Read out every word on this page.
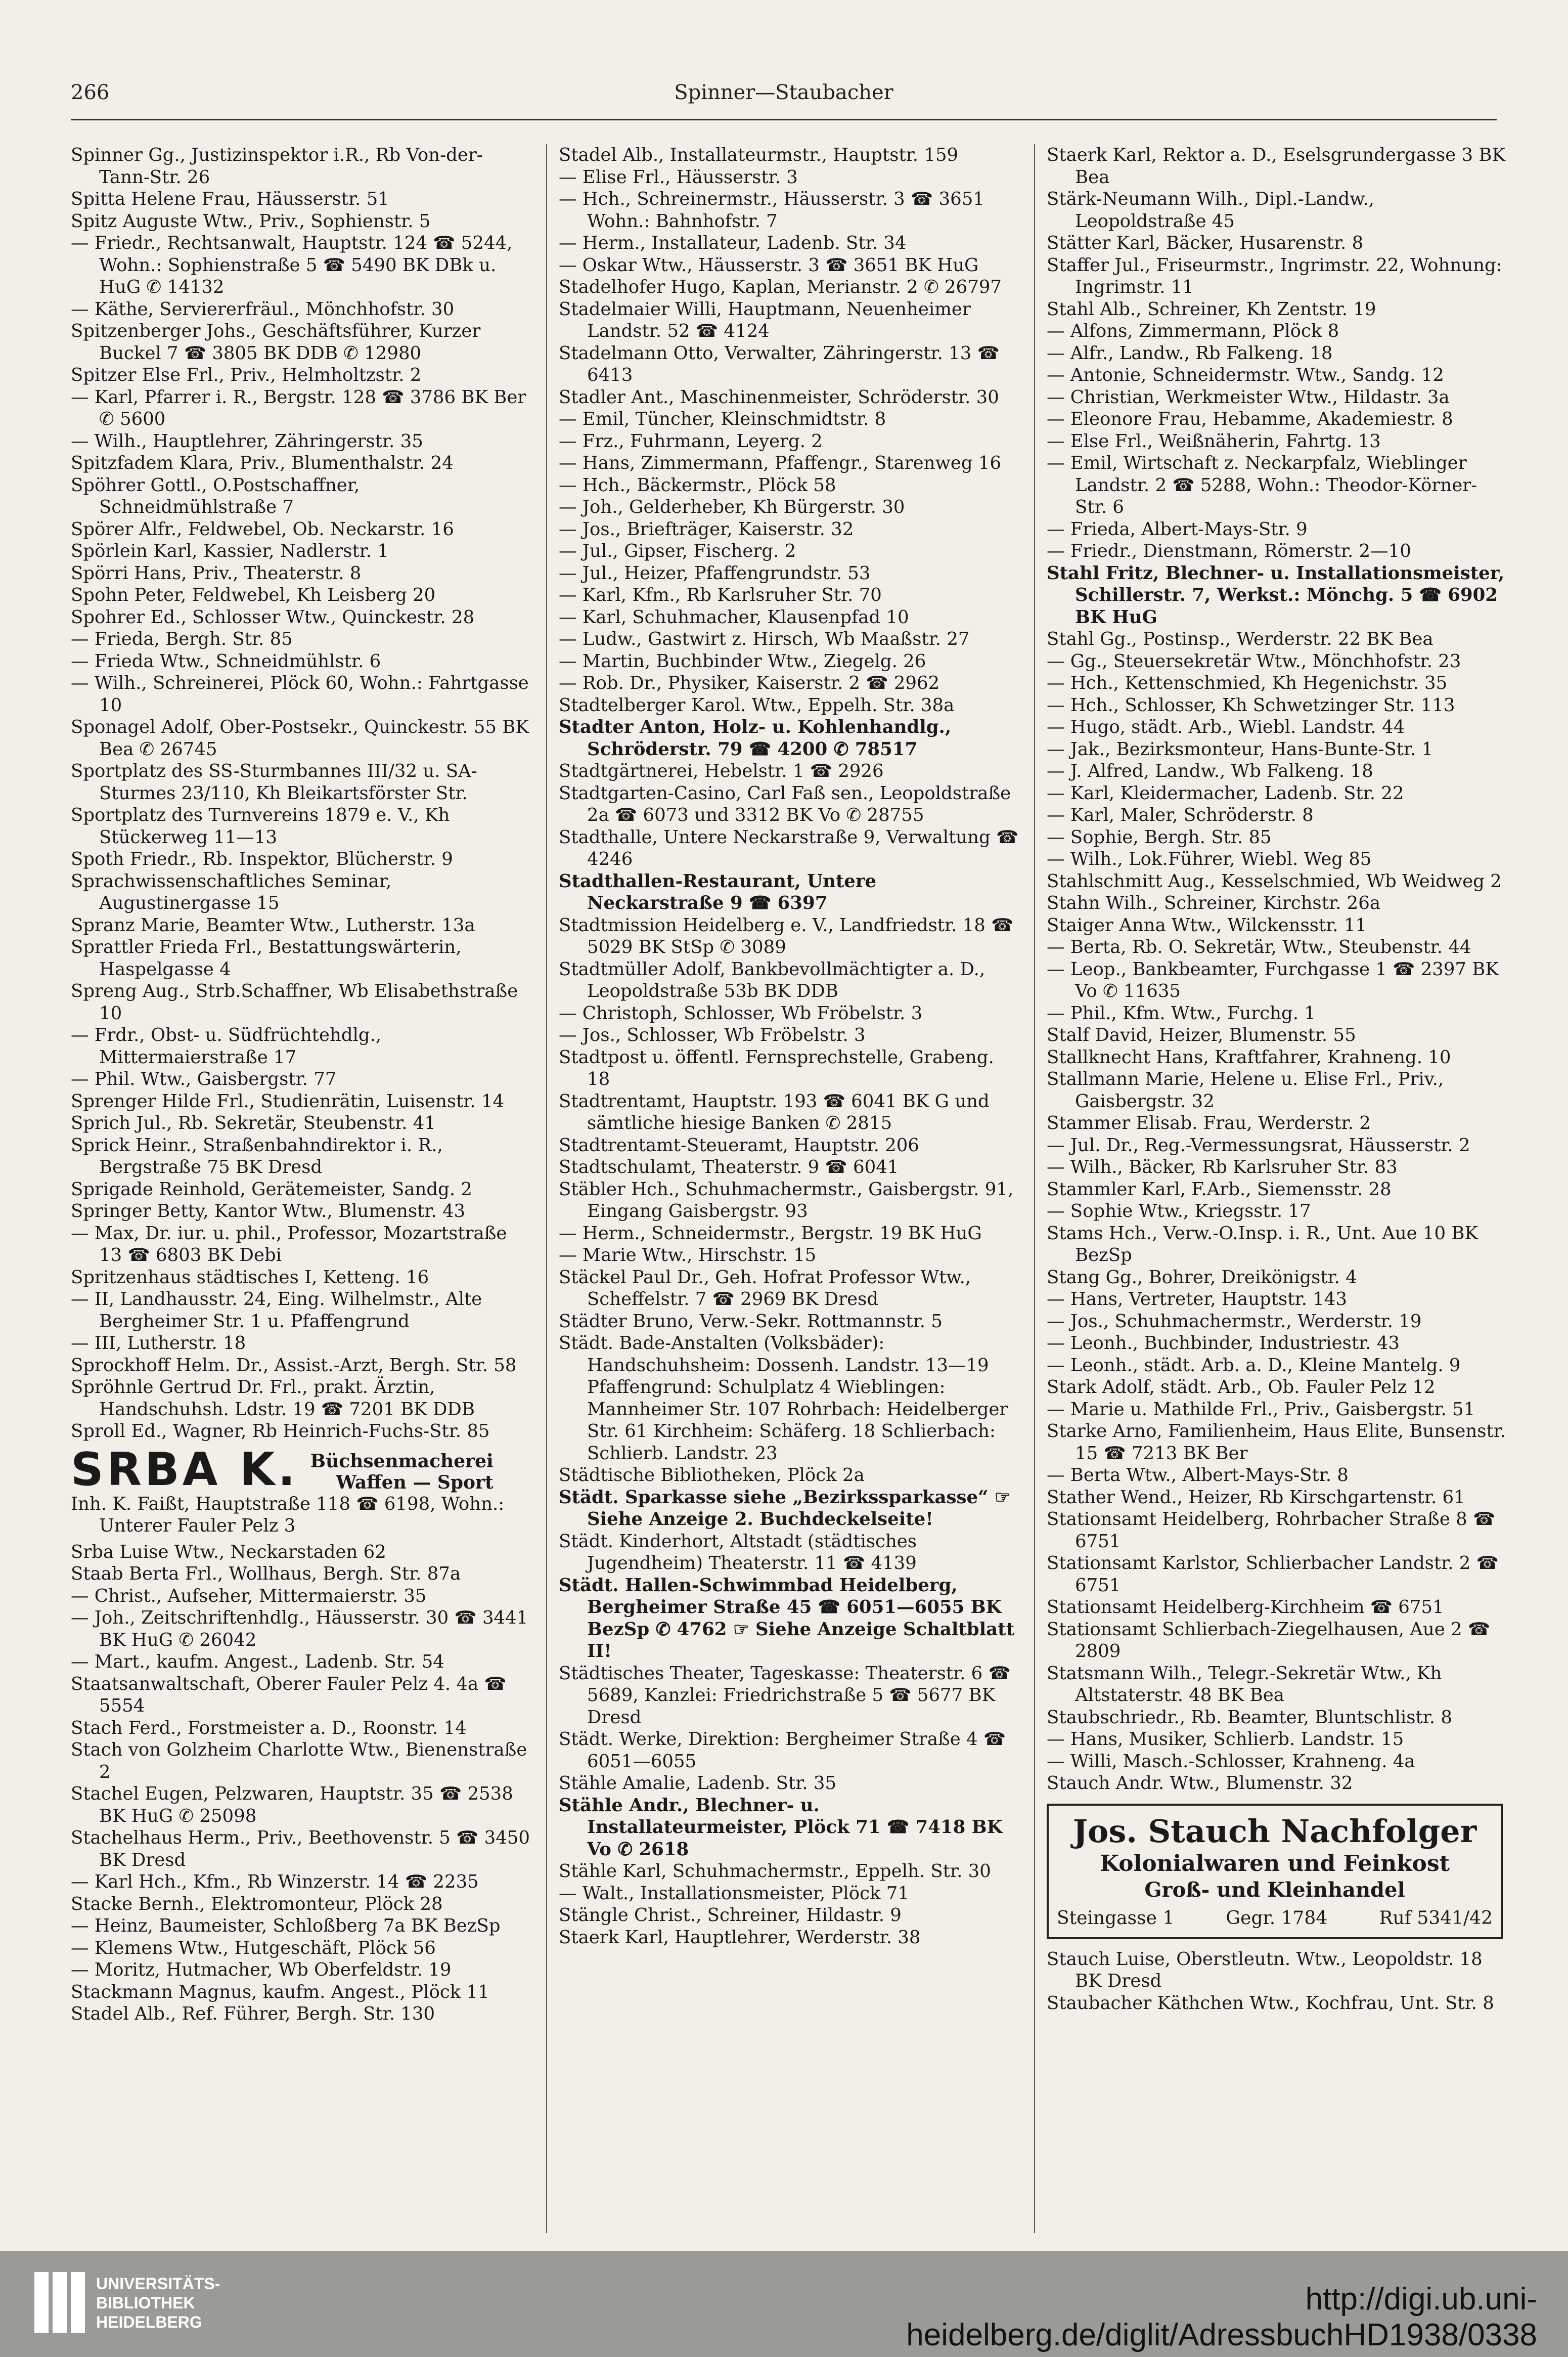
266	Spinner—Staubacher

Spinner Gg., Justizinspektor i.R., Rb Von-der-Tann-Str. 26

Spitta Helene Frau, Häusserstr. 51

Spitz Auguste Wtw., Priv., Sophienstr. 5

— Friedr., Rechtsanwalt, Hauptstr. 124 ☎ 5244, Wohn.: Sophienstraße 5 ☎ 5490 BK DBk u. HuG ✆ 14132

— Käthe, Serviererfräul., Mönchhofstr. 30

Spitzenberger Johs., Geschäftsführer, Kurzer Buckel 7 ☎ 3805 BK DDB ✆ 12980

Spitzer Else Frl., Priv., Helmholtzstr. 2

— Karl, Pfarrer i. R., Bergstr. 128 ☎ 3786 BK Ber ✆ 5600

— Wilh., Hauptlehrer, Zähringerstr. 35

Spitzfadem Klara, Priv., Blumenthalstr. 24

Spöhrer Gottl., O.Postschaffner, Schneidmühlstraße 7

Spörer Alfr., Feldwebel, Ob. Neckarstr. 16

Spörlein Karl, Kassier, Nadlerstr. 1

Spörri Hans, Priv., Theaterstr. 8

Spohn Peter, Feldwebel, Kh Leisberg 20

Spohrer Ed., Schlosser Wtw., Quinckestr. 28

— Frieda, Bergh. Str. 85

— Frieda Wtw., Schneidmühlstr. 6

— Wilh., Schreinerei, Plöck 60, Wohn.: Fahrtgasse 10

Sponagel Adolf, Ober-Postsekr., Quinckestr. 55 BK Bea ✆ 26745

Sportplatz des SS-Sturmbannes III/32 u. SA-Sturmes 23/110, Kh Bleikartsförster Str.

Sportplatz des Turnvereins 1879 e. V., Kh Stückerweg 11—13

Spoth Friedr., Rb. Inspektor, Blücherstr. 9

Sprachwissenschaftliches Seminar, Augustinergasse 15

Spranz Marie, Beamter Wtw., Lutherstr. 13a

Sprattler Frieda Frl., Bestattungswärterin, Haspelgasse 4

Spreng Aug., Strb.Schaffner, Wb Elisabethstraße 10

— Frdr., Obst- u. Südfrüchtehdlg., Mittermaierstraße 17

— Phil. Wtw., Gaisbergstr. 77

Sprenger Hilde Frl., Studienrätin, Luisenstr. 14

Sprich Jul., Rb. Sekretär, Steubenstr. 41

Sprick Heinr., Straßenbahndirektor i. R., Bergstraße 75 BK Dresd

Sprigade Reinhold, Gerätemeister, Sandg. 2

Springer Betty, Kantor Wtw., Blumenstr. 43

— Max, Dr. iur. u. phil., Professor, Mozartstraße 13 ☎ 6803 BK Debi

Spritzenhaus städtisches I, Ketteng. 16

— II, Landhausstr. 24, Eing. Wilhelmstr., Alte Bergheimer Str. 1 u. Pfaffengrund

— III, Lutherstr. 18

Sprockhoff Helm. Dr., Assist.-Arzt, Bergh. Str. 58

Spröhnle Gertrud Dr. Frl., prakt. Ärztin, Handschuhsh. Ldstr. 19 ☎ 7201 BK DDB

Sproll Ed., Wagner, Rb Heinrich-Fuchs-Str. 85

SRBA K. Büchsenmacherei
Waffen — Sport

Inh. K. Faißt, Hauptstraße 118 ☎ 6198, Wohn.: Unterer Fauler Pelz 3

Srba Luise Wtw., Neckarstaden 62

Staab Berta Frl., Wollhaus, Bergh. Str. 87a

— Christ., Aufseher, Mittermaierstr. 35

— Joh., Zeitschriftenhdlg., Häusserstr. 30 ☎ 3441 BK HuG ✆ 26042

— Mart., kaufm. Angest., Ladenb. Str. 54

Staatsanwaltschaft, Oberer Fauler Pelz 4. 4a ☎ 5554

Stach Ferd., Forstmeister a. D., Roonstr. 14

Stach von Golzheim Charlotte Wtw., Bienenstraße 2

Stachel Eugen, Pelzwaren, Hauptstr. 35 ☎ 2538 BK HuG ✆ 25098

Stachelhaus Herm., Priv., Beethovenstr. 5 ☎ 3450 BK Dresd

— Karl Hch., Kfm., Rb Winzerstr. 14 ☎ 2235

Stacke Bernh., Elektromonteur, Plöck 28

— Heinz, Baumeister, Schloßberg 7a BK BezSp

— Klemens Wtw., Hutgeschäft, Plöck 56

— Moritz, Hutmacher, Wb Oberfeldstr. 19

Stackmann Magnus, kaufm. Angest., Plöck 11

Stadel Alb., Ref. Führer, Bergh. Str. 130

Stadel Alb., Installateurmstr., Hauptstr. 159

— Elise Frl., Häusserstr. 3

— Hch., Schreinermstr., Häusserstr. 3 ☎ 3651 Wohn.: Bahnhofstr. 7

— Herm., Installateur, Ladenb. Str. 34

— Oskar Wtw., Häusserstr. 3 ☎ 3651 BK HuG

Stadelhofer Hugo, Kaplan, Merianstr. 2 ✆ 26797

Stadelmaier Willi, Hauptmann, Neuenheimer Landstr. 52 ☎ 4124

Stadelmann Otto, Verwalter, Zähringerstr. 13 ☎ 6413

Stadler Ant., Maschinenmeister, Schröderstr. 30

— Emil, Tüncher, Kleinschmidtstr. 8

— Frz., Fuhrmann, Leyerg. 2

— Hans, Zimmermann, Pfaffengr., Starenweg 16

— Hch., Bäckermstr., Plöck 58

— Joh., Gelderheber, Kh Bürgerstr. 30

— Jos., Briefträger, Kaiserstr. 32

— Jul., Gipser, Fischerg. 2

— Jul., Heizer, Pfaffengrundstr. 53

— Karl, Kfm., Rb Karlsruher Str. 70

— Karl, Schuhmacher, Klausenpfad 10

— Ludw., Gastwirt z. Hirsch, Wb Maaßstr. 27

— Martin, Buchbinder Wtw., Ziegelg. 26

— Rob. Dr., Physiker, Kaiserstr. 2 ☎ 2962

Stadtelberger Karol. Wtw., Eppelh. Str. 38a

Stadter Anton, Holz- u. Kohlenhandlg., Schröderstr. 79 ☎ 4200 ✆ 78517

Stadtgärtnerei, Hebelstr. 1 ☎ 2926

Stadtgarten-Casino, Carl Faß sen., Leopoldstraße 2a ☎ 6073 und 3312 BK Vo ✆ 28755

Stadthalle, Untere Neckarstraße 9, Verwaltung ☎ 4246

Stadthallen-Restaurant, Untere Neckarstraße 9 ☎ 6397

Stadtmission Heidelberg e. V., Landfriedstr. 18 ☎ 5029 BK StSp ✆ 3089

Stadtmüller Adolf, Bankbevollmächtigter a. D., Leopoldstraße 53b BK DDB

— Christoph, Schlosser, Wb Fröbelstr. 3

— Jos., Schlosser, Wb Fröbelstr. 3

Stadtpost u. öffentl. Fernsprechstelle, Grabeng. 18

Stadtrentamt, Hauptstr. 193 ☎ 6041 BK G und sämtliche hiesige Banken ✆ 2815

Stadtrentamt-Steueramt, Hauptstr. 206

Stadtschulamt, Theaterstr. 9 ☎ 6041

Stäbler Hch., Schuhmachermstr., Gaisbergstr. 91, Eingang Gaisbergstr. 93

— Herm., Schneidermstr., Bergstr. 19 BK HuG

— Marie Wtw., Hirschstr. 15

Stäckel Paul Dr., Geh. Hofrat Professor Wtw., Scheffelstr. 7 ☎ 2969 BK Dresd

Städter Bruno, Verw.-Sekr. Rottmannstr. 5

Städt. Bade-Anstalten (Volksbäder): Handschuhsheim: Dossenh. Landstr. 13—19 Pfaffengrund: Schulplatz 4 Wieblingen: Mannheimer Str. 107 Rohrbach: Heidelberger Str. 61 Kirchheim: Schäferg. 18 Schlierbach: Schlierb. Landstr. 23

Städtische Bibliotheken, Plöck 2a

Städt. Sparkasse siehe „Bezirkssparkasse“ ☞ Siehe Anzeige 2. Buchdeckelseite!

Städt. Kinderhort, Altstadt (städtisches Jugendheim) Theaterstr. 11 ☎ 4139

Städt. Hallen-Schwimmbad Heidelberg, Bergheimer Straße 45 ☎ 6051—6055 BK BezSp ✆ 4762 ☞ Siehe Anzeige Schaltblatt II!

Städtisches Theater, Tageskasse: Theaterstr. 6 ☎ 5689, Kanzlei: Friedrichstraße 5 ☎ 5677 BK Dresd

Städt. Werke, Direktion: Bergheimer Straße 4 ☎ 6051—6055

Stähle Amalie, Ladenb. Str. 35

Stähle Andr., Blechner- u. Installateurmeister, Plöck 71 ☎ 7418 BK Vo ✆ 2618

Stähle Karl, Schuhmachermstr., Eppelh. Str. 30

— Walt., Installationsmeister, Plöck 71

Stängle Christ., Schreiner, Hildastr. 9

Staerk Karl, Hauptlehrer, Werderstr. 38

Staerk Karl, Rektor a. D., Eselsgrundergasse 3 BK Bea

Stärk-Neumann Wilh., Dipl.-Landw., Leopoldstraße 45

Stätter Karl, Bäcker, Husarenstr. 8

Staffer Jul., Friseurmstr., Ingrimstr. 22, Wohnung: Ingrimstr. 11

Stahl Alb., Schreiner, Kh Zentstr. 19

— Alfons, Zimmermann, Plöck 8

— Alfr., Landw., Rb Falkeng. 18

— Antonie, Schneidermstr. Wtw., Sandg. 12

— Christian, Werkmeister Wtw., Hildastr. 3a

— Eleonore Frau, Hebamme, Akademiestr. 8

— Else Frl., Weißnäherin, Fahrtg. 13

— Emil, Wirtschaft z. Neckarpfalz, Wieblinger Landstr. 2 ☎ 5288, Wohn.: Theodor-Körner-Str. 6

— Frieda, Albert-Mays-Str. 9

— Friedr., Dienstmann, Römerstr. 2—10

Stahl Fritz, Blechner- u. Installationsmeister, Schillerstr. 7, Werkst.: Mönchg. 5 ☎ 6902 BK HuG

Stahl Gg., Postinsp., Werderstr. 22 BK Bea

— Gg., Steuersekretär Wtw., Mönchhofstr. 23

— Hch., Kettenschmied, Kh Hegenichstr. 35

— Hch., Schlosser, Kh Schwetzinger Str. 113

— Hugo, städt. Arb., Wiebl. Landstr. 44

— Jak., Bezirksmonteur, Hans-Bunte-Str. 1

— J. Alfred, Landw., Wb Falkeng. 18

— Karl, Kleidermacher, Ladenb. Str. 22

— Karl, Maler, Schröderstr. 8

— Sophie, Bergh. Str. 85

— Wilh., Lok.Führer, Wiebl. Weg 85

Stahlschmitt Aug., Kesselschmied, Wb Weidweg 2

Stahn Wilh., Schreiner, Kirchstr. 26a

Staiger Anna Wtw., Wilckensstr. 11

— Berta, Rb. O. Sekretär, Wtw., Steubenstr. 44

— Leop., Bankbeamter, Furchgasse 1 ☎ 2397 BK Vo ✆ 11635

— Phil., Kfm. Wtw., Furchg. 1

Stalf David, Heizer, Blumenstr. 55

Stallknecht Hans, Kraftfahrer, Krahneng. 10

Stallmann Marie, Helene u. Elise Frl., Priv., Gaisbergstr. 32

Stammer Elisab. Frau, Werderstr. 2

— Jul. Dr., Reg.-Vermessungsrat, Häusserstr. 2

— Wilh., Bäcker, Rb Karlsruher Str. 83

Stammler Karl, F.Arb., Siemensstr. 28

— Sophie Wtw., Kriegsstr. 17

Stams Hch., Verw.-O.Insp. i. R., Unt. Aue 10 BK BezSp

Stang Gg., Bohrer, Dreikönigstr. 4

— Hans, Vertreter, Hauptstr. 143

— Jos., Schuhmachermstr., Werderstr. 19

— Leonh., Buchbinder, Industriestr. 43

— Leonh., städt. Arb. a. D., Kleine Mantelg. 9

Stark Adolf, städt. Arb., Ob. Fauler Pelz 12

— Marie u. Mathilde Frl., Priv., Gaisbergstr. 51

Starke Arno, Familienheim, Haus Elite, Bunsenstr. 15 ☎ 7213 BK Ber

— Berta Wtw., Albert-Mays-Str. 8

Stather Wend., Heizer, Rb Kirschgartenstr. 61

Stationsamt Heidelberg, Rohrbacher Straße 8 ☎ 6751

Stationsamt Karlstor, Schlierbacher Landstr. 2 ☎ 6751

Stationsamt Heidelberg-Kirchheim ☎ 6751

Stationsamt Schlierbach-Ziegelhausen, Aue 2 ☎ 2809

Statsmann Wilh., Telegr.-Sekretär Wtw., Kh Altstaterstr. 48 BK Bea

Staubschriedr., Rb. Beamter, Bluntschlistr. 8

— Hans, Musiker, Schlierb. Landstr. 15

— Willi, Masch.-Schlosser, Krahneng. 4a

Stauch Andr. Wtw., Blumenstr. 32

Jos. Stauch Nachfolger
Kolonialwaren und Feinkost
Groß- und Kleinhandel
Steingasse 1	Gegr. 1784	Ruf 5341/42

Stauch Luise, Oberstleutn. Wtw., Leopoldstr. 18 BK Dresd

Staubacher Käthchen Wtw., Kochfrau, Unt. Str. 8

UNIVERSITÄTS-
BIBLIOTHEK
HEIDELBERG
http://digi.ub.uni-heidelberg.de/diglit/AdressbuchHD1938/0338
